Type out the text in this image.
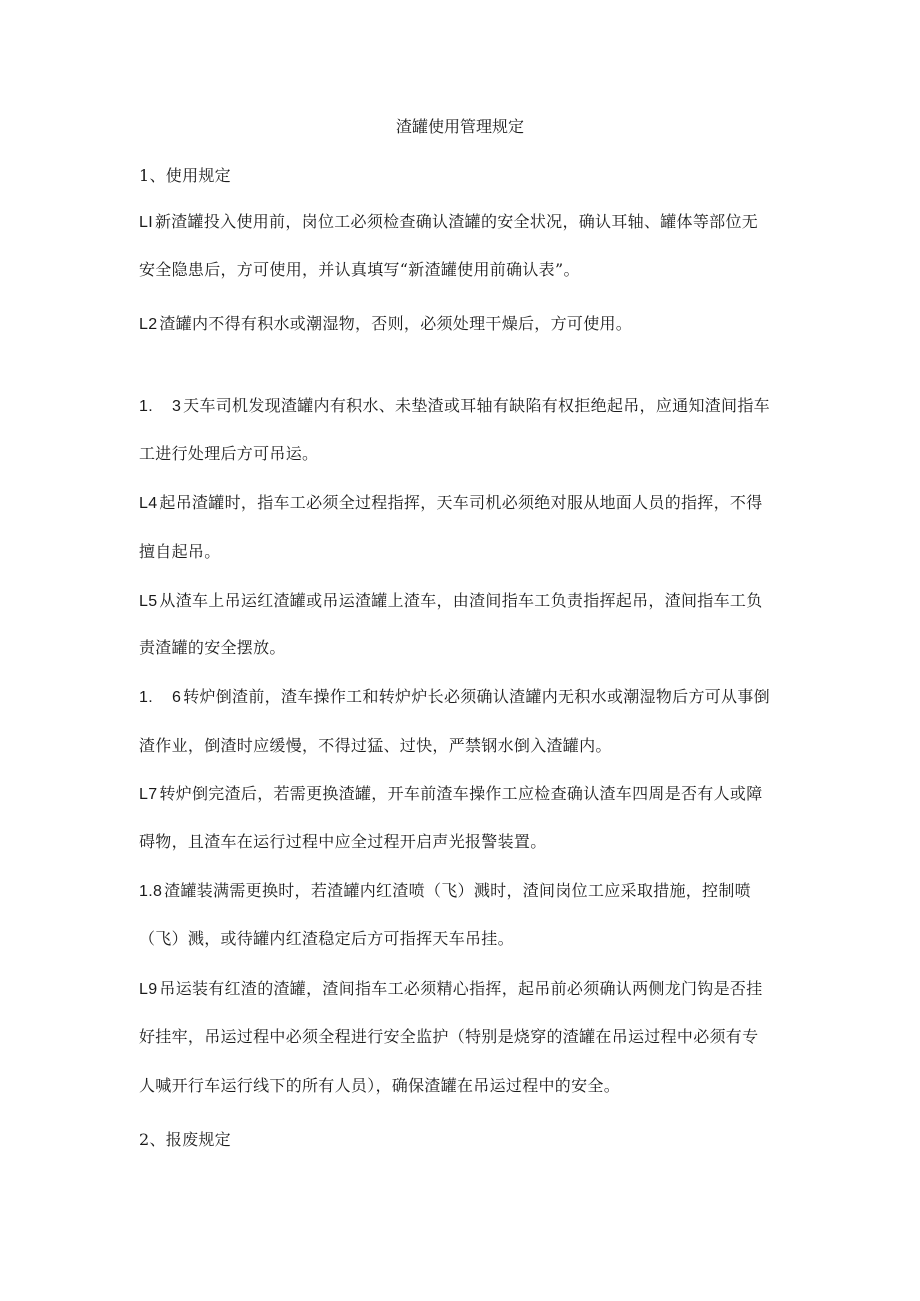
渣罐使用管理规定
1、使用规定
LI 新渣罐投入使用前，岗位工必须检查确认渣罐的安全状况，确认耳轴、罐体等部位无
安全隐患后，方可使用，并认真填写“新渣罐使用前确认表”。
L2 渣罐内不得有积水或潮湿物，否则，必须处理干燥后，方可使用。
1. 3 天车司机发现渣罐内有积水、未垫渣或耳轴有缺陷有权拒绝起吊，应通知渣间指车
工进行处理后方可吊运。
L4 起吊渣罐时，指车工必须全过程指挥，天车司机必须绝对服从地面人员的指挥，不得
擅自起吊。
L5 从渣车上吊运红渣罐或吊运渣罐上渣车，由渣间指车工负责指挥起吊，渣间指车工负
责渣罐的安全摆放。
1. 6 转炉倒渣前，渣车操作工和转炉炉长必须确认渣罐内无积水或潮湿物后方可从事倒
渣作业，倒渣时应缓慢，不得过猛、过快，严禁钢水倒入渣罐内。
L7 转炉倒完渣后，若需更换渣罐，开车前渣车操作工应检查确认渣车四周是否有人或障
碍物，且渣车在运行过程中应全过程开启声光报警装置。
1.8 渣罐装满需更换时，若渣罐内红渣喷（飞）溅时，渣间岗位工应采取措施，控制喷
（飞）溅，或待罐内红渣稳定后方可指挥天车吊挂。
L9 吊运装有红渣的渣罐，渣间指车工必须精心指挥，起吊前必须确认两侧龙门钩是否挂
好挂牢，吊运过程中必须全程进行安全监护（特别是烧穿的渣罐在吊运过程中必须有专
人喊开行车运行线下的所有人员），确保渣罐在吊运过程中的安全。
2、报废规定
